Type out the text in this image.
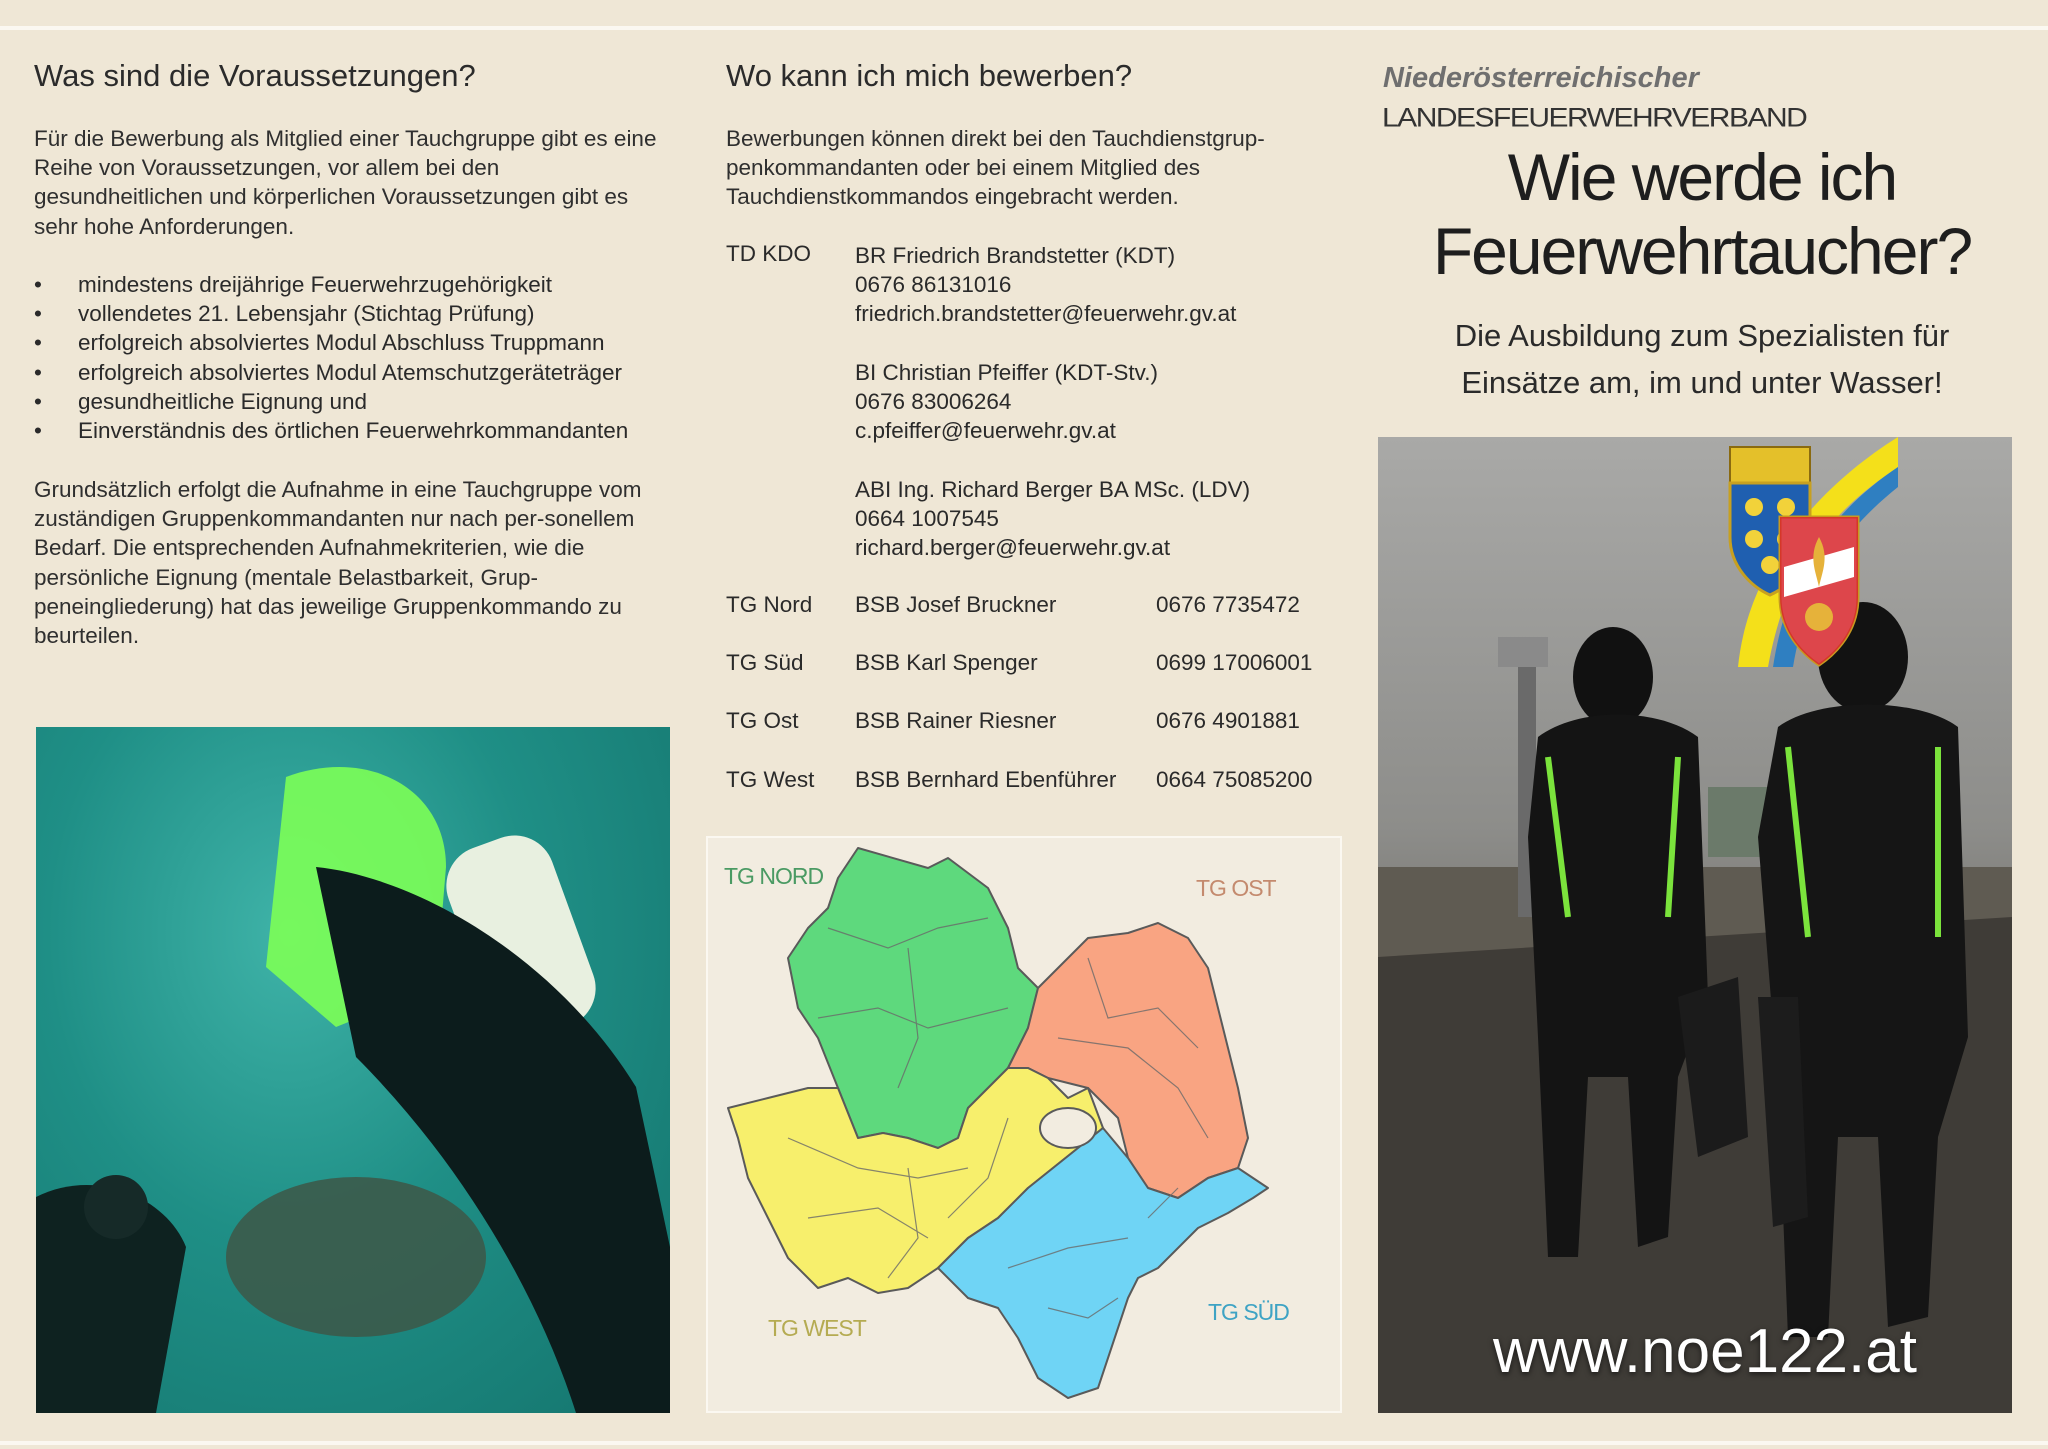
Was sind die Voraussetzungen?
Für die Bewerbung als Mitglied einer Tauchgruppe gibt es eine Reihe von Voraussetzungen, vor allem bei den gesundheitlichen und körperlichen Voraussetzungen gibt es sehr hohe Anforderungen.
• mindestens dreijährige Feuerwehrzugehörigkeit
• vollendetes 21. Lebensjahr (Stichtag Prüfung)
• erfolgreich absolviertes Modul Abschluss Truppmann
• erfolgreich absolviertes Modul Atemschutzgeräteträger
• gesundheitliche Eignung und
• Einverständnis des örtlichen Feuerwehrkommandanten
Grundsätzlich erfolgt die Aufnahme in eine Tauchgruppe vom zuständigen Gruppenkommandanten nur nach per-sonellem Bedarf. Die entsprechenden Aufnahmekriterien, wie die persönliche Eignung (mentale Belastbarkeit, Grup-peneingliederung) hat das jeweilige Gruppenkommando zu beurteilen.
Wo kann ich mich bewerben?
Bewerbungen können direkt bei den Tauchdienstgrup-penkommandanten oder bei einem Mitglied des Tauchdienstkommandos eingebracht werden.
TD KDO BR Friedrich Brandstetter (KDT)
0676 86131016
friedrich.brandstetter@feuerwehr.gv.at
BI Christian Pfeiffer (KDT-Stv.)
0676 83006264
c.pfeiffer@feuerwehr.gv.at
ABI Ing. Richard Berger BA MSc. (LDV)
0664 1007545
richard.berger@feuerwehr.gv.at
TG Nord BSB Josef Bruckner	0676 7735472
TG Süd BSB Karl Spenger	0699 17006001
TG Ost	BSB Rainer Riesner	0676 4901881
TG West BSB Bernhard Ebenführer 0664 75085200
TG NORD	TG OST
TG WEST
TG SÜD
Niederösterreichischer
LANDESFEUERWEHRVERBAND
Wie werde ich
Feuerwehrtaucher?
Die Ausbildung zum Spezialisten für
Einsätze am, im und unter Wasser!
www.noe122.at
